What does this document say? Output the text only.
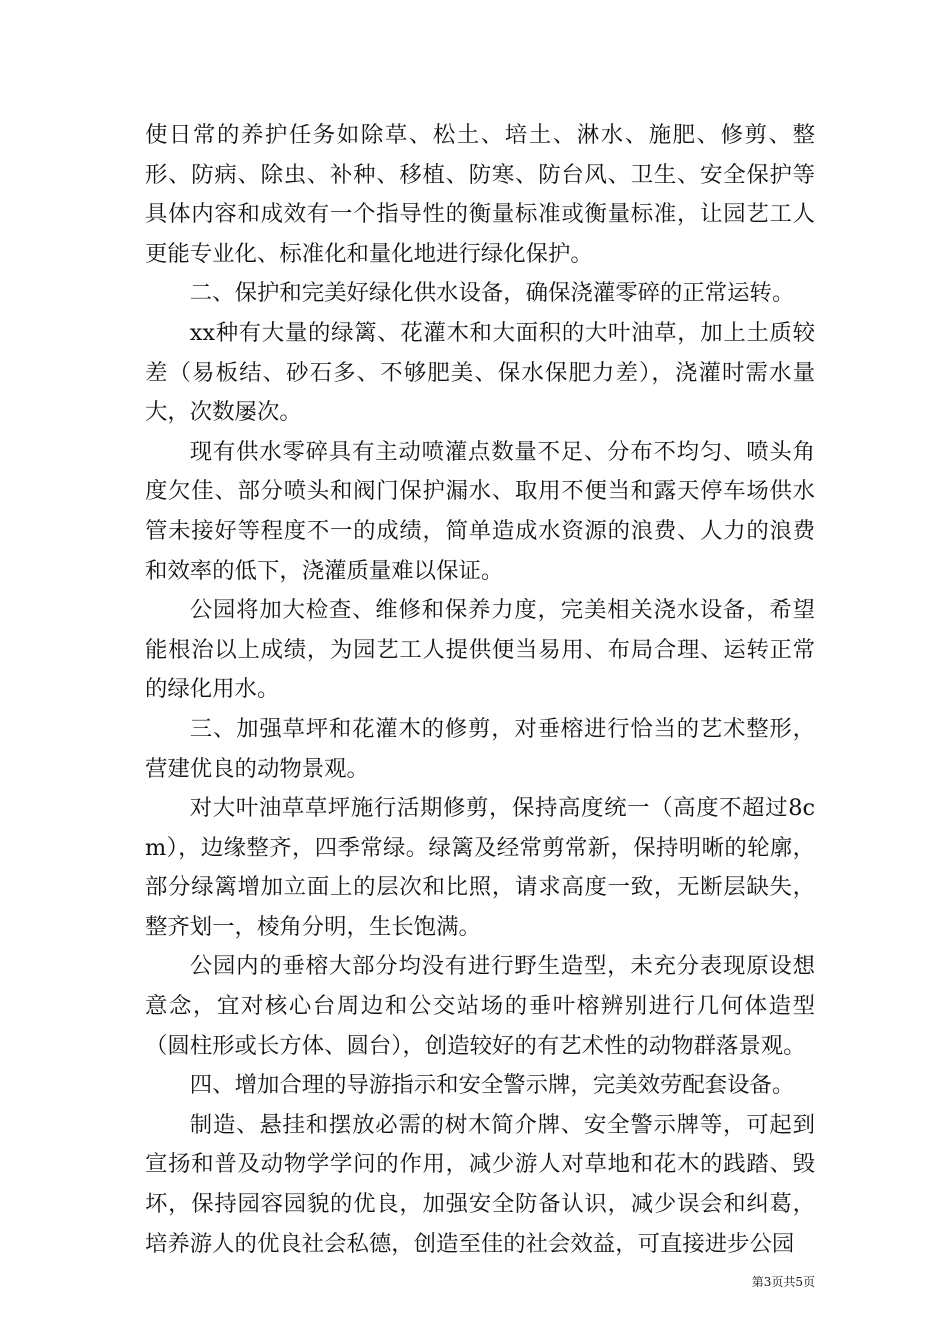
使日常的养护任务如除草、松土、培土、淋水、施肥、修剪、整形、防病、除虫、补种、移植、防寒、防台风、卫生、安全保护等具体内容和成效有一个指导性的衡量标准或衡量标准，让园艺工人更能专业化、标准化和量化地进行绿化保护。

二、保护和完美好绿化供水设备，确保浇灌零碎的正常运转。

xx种有大量的绿篱、花灌木和大面积的大叶油草，加上土质较差（易板结、砂石多、不够肥美、保水保肥力差），浇灌时需水量大，次数屡次。

现有供水零碎具有主动喷灌点数量不足、分布不均匀、喷头角度欠佳、部分喷头和阀门保护漏水、取用不便当和露天停车场供水管未接好等程度不一的成绩，简单造成水资源的浪费、人力的浪费和效率的低下，浇灌质量难以保证。

公园将加大检查、维修和保养力度，完美相关浇水设备，希望能根治以上成绩，为园艺工人提供便当易用、布局合理、运转正常的绿化用水。

三、加强草坪和花灌木的修剪，对垂榕进行恰当的艺术整形，营建优良的动物景观。

对大叶油草草坪施行活期修剪，保持高度统一（高度不超过8cm），边缘整齐，四季常绿。绿篱及经常剪常新，保持明晰的轮廓，部分绿篱增加立面上的层次和比照，请求高度一致，无断层缺失，整齐划一，棱角分明，生长饱满。

公园内的垂榕大部分均没有进行野生造型，未充分表现原设想意念，宜对核心台周边和公交站场的垂叶榕辨别进行几何体造型（圆柱形或长方体、圆台），创造较好的有艺术性的动物群落景观。

四、增加合理的导游指示和安全警示牌，完美效劳配套设备。

制造、悬挂和摆放必需的树木简介牌、安全警示牌等，可起到宣扬和普及动物学学问的作用，减少游人对草地和花木的践踏、毁坏，保持园容园貌的优良，加强安全防备认识，减少误会和纠葛，培养游人的优良社会私德，创造至佳的社会效益，可直接进步公园

第3页共5页
